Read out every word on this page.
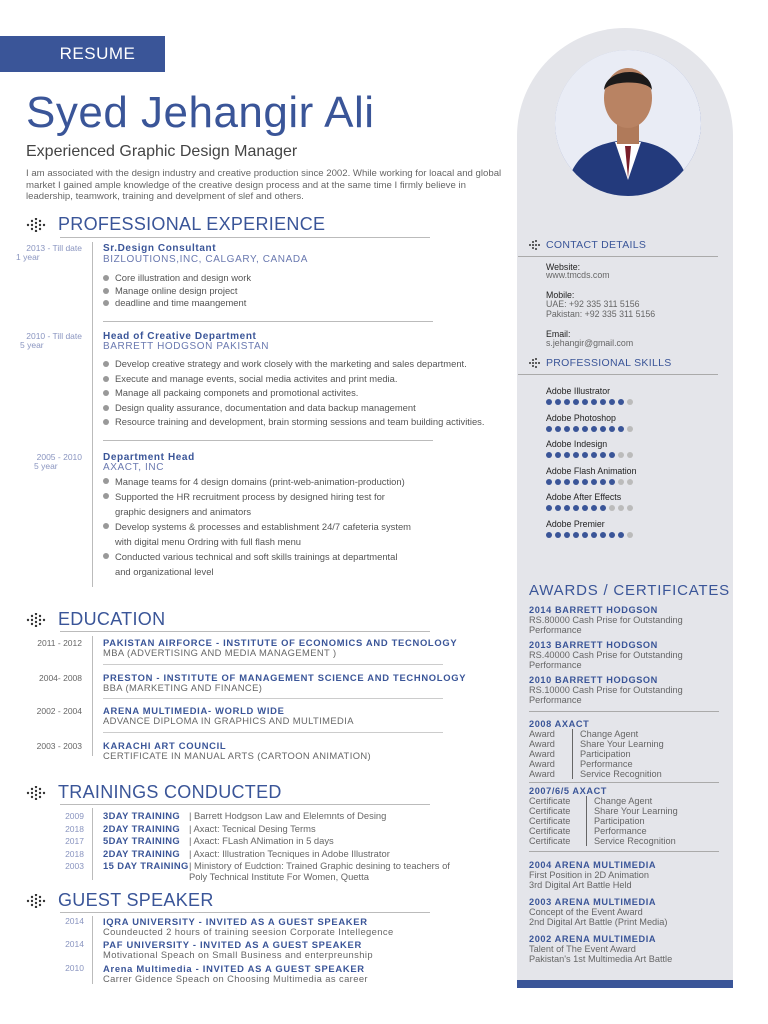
RESUME
Syed Jehangir Ali
Experienced Graphic Design Manager
I am associated with the design industry and creative production since 2002. While working for loacal and global market I gained ample knowledge of the creative design process and at the same time I firmly believe in leadership, teamwork, training and develpment of slef and others.
PROFESSIONAL EXPERIENCE
2013 - Till date
1 year
Sr.Design Consultant
BIZLOUTIONS,INC, CALGARY, CANADA
Core illustration and design work
Manage online design project
deadline and time maangement
2010 - Till date
5 year
Head of Creative Department
BARRETT HODGSON PAKISTAN
Develop creative strategy and work closely with the marketing and sales department.
Execute and manage events, social media activites and print media.
Manage all packaing componets and promotional activites.
Design quality assurance, documentation and data backup management
Resource training and development, brain storming sessions and team building activities.
2005 - 2010
5 year
Department Head
AXACT, INC
Manage teams for 4 design domains (print-web-animation-production)
Supported the HR recruitment process by designed hiring test for
graphic designers and animators
Develop systems & processes and establishment 24/7 cafeteria system
with digital menu Ordring with full flash menu
Conducted various technical and soft skills trainings at departmental
and organizational level
EDUCATION
2011 - 2012 PAKISTAN AIRFORCE - INSTITUTE OF ECONOMICS AND TECNOLOGY
MBA (ADVERTISING AND MEDIA MANAGEMENT )
2004- 2008 PRESTON - INSTITUTE OF MANAGEMENT SCIENCE AND TECHNOLOGY
BBA (MARKETING AND FINANCE)
2002 - 2004 ARENA MULTIMEDIA- WORLD WIDE
ADVANCE DIPLOMA IN GRAPHICS AND MULTIMEDIA
2003 - 2003 KARACHI ART COUNCIL
CERTIFICATE IN MANUAL ARTS (CARTOON ANIMATION)
TRAININGS CONDUCTED
2009 3DAY TRAINING | Barrett Hodgson Law and Elelemnts of Desing
2018 2DAY TRAINING | Axact: Tecnical Desing Terms
2017 5DAY TRAINING | Axact: FLash ANimation in 5 days
2018 2DAY TRAINING | Axact: Illustration Tecniques in Adobe Illustrator
2003 15 DAY TRAINING | Ministory of Eudction: Trained Graphic desining to teachers of
Poly Technical Institute For Women, Quetta
GUEST SPEAKER
2014 IQRA UNIVERSITY - INVITED AS A GUEST SPEAKER
Coundeucted 2 hours of training seesion Corporate Intellegence
2014 PAF UNIVERSITY - INVITED AS A GUEST SPEAKER
Motivational Speach on Small Business and enterpreunship
2010 Arena Multimedia - INVITED AS A GUEST SPEAKER
Carrer Gidence Speach on Choosing Multimedia as career
CONTACT DETAILS
Website:
www.tmcds.com
Mobile:
UAE: +92 335 311 5156
Pakistan: +92 335 311 5156
Email:
s.jehangir@gmail.com
PROFESSIONAL SKILLS
Adobe Illustrator
Adobe Photoshop
Adobe Indesign
Adobe Flash Animation
Adobe After Effects
Adobe Premier
AWARDS / CERTIFICATES
2014 BARRETT HODGSON
RS.80000 Cash Prise for Outstanding
Performance
2013 BARRETT HODGSON
RS.40000 Cash Prise for Outstanding
Performance
2010 BARRETT HODGSON
RS.10000 Cash Prise for Outstanding
Performance
2008 AXACT
Award	Change Agent
Award	Share Your Learning
Award	Participation
Award	Performance
Award	Service Recognition
2007/6/5 AXACT
Certificate	Change Agent
Certificate	Share Your Learning
Certificate	Participation
Certificate	Performance
Certificate	Service Recognition
2004 ARENA MULTIMEDIA
First Position in 2D Animation
3rd Digital Art Battle Held
2003 ARENA MULTIMEDIA
Concept of the Event Award
2nd Digital Art Battle (Print Media)
2002 ARENA MULTIMEDIA
Talent of The Event Award
Pakistan's 1st Multimedia Art Battle
